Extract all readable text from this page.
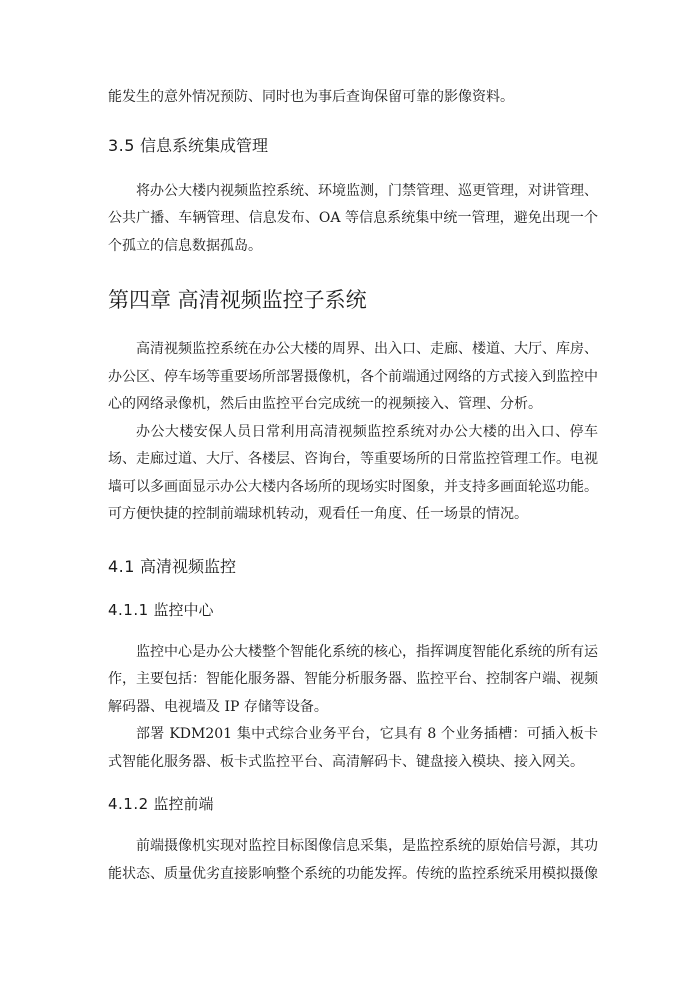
能发生的意外情况预防、同时也为事后查询保留可靠的影像资料。

3.5 信息系统集成管理

将办公大楼内视频监控系统、环境监测，门禁管理、巡更管理，对讲管理、公共广播、车辆管理、信息发布、OA 等信息系统集中统一管理，避免出现一个个孤立的信息数据孤岛。

第四章 高清视频监控子系统

高清视频监控系统在办公大楼的周界、出入口、走廊、楼道、大厅、库房、办公区、停车场等重要场所部署摄像机，各个前端通过网络的方式接入到监控中心的网络录像机，然后由监控平台完成统一的视频接入、管理、分析。

办公大楼安保人员日常利用高清视频监控系统对办公大楼的出入口、停车场、走廊过道、大厅、各楼层、咨询台，等重要场所的日常监控管理工作。电视墙可以多画面显示办公大楼内各场所的现场实时图象，并支持多画面轮巡功能。可方便快捷的控制前端球机转动，观看任一角度、任一场景的情况。

4.1 高清视频监控
4.1.1 监控中心

监控中心是办公大楼整个智能化系统的核心，指挥调度智能化系统的所有运作，主要包括：智能化服务器、智能分析服务器、监控平台、控制客户端、视频解码器、电视墙及 IP 存储等设备。

部署 KDM201 集中式综合业务平台，它具有 8 个业务插槽：可插入板卡式智能化服务器、板卡式监控平台、高清解码卡、键盘接入模块、接入网关。

4.1.2 监控前端

前端摄像机实现对监控目标图像信息采集，是监控系统的原始信号源，其功能状态、质量优劣直接影响整个系统的功能发挥。传统的监控系统采用模拟摄像
